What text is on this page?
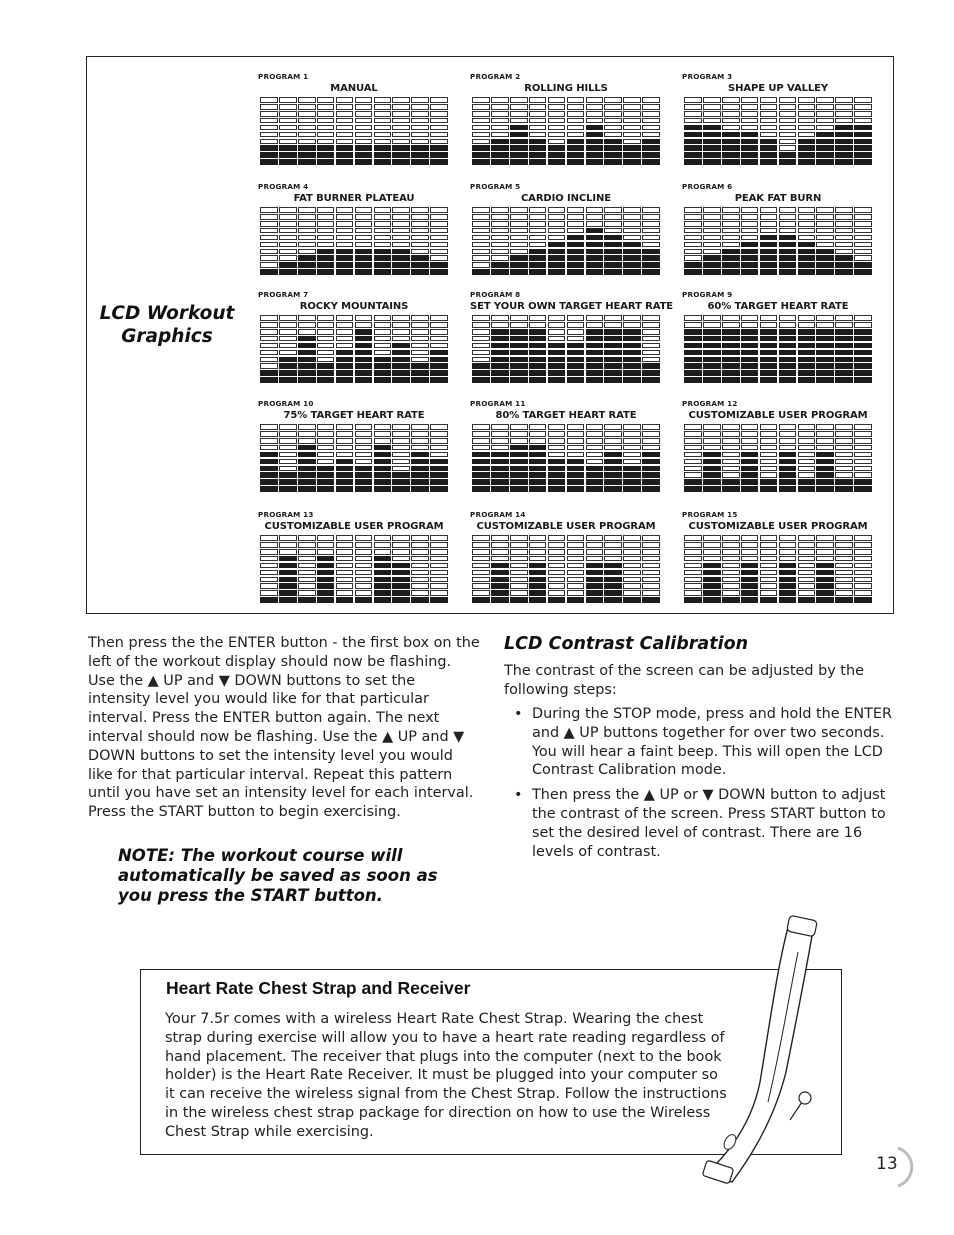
LCD Workout Graphics
PROGRAM 1
MANUAL
PROGRAM 2
ROLLING HILLS
PROGRAM 3
SHAPE UP VALLEY
PROGRAM 4
FAT BURNER PLATEAU
PROGRAM 5
CARDIO INCLINE
PROGRAM 6
PEAK FAT BURN
PROGRAM 7
ROCKY MOUNTAINS
PROGRAM 8
SET YOUR OWN TARGET HEART RATE
PROGRAM 9
60% TARGET HEART RATE
PROGRAM 10
75% TARGET HEART RATE
PROGRAM 11
80% TARGET HEART RATE
PROGRAM 12
CUSTOMIZABLE USER PROGRAM
PROGRAM 13
CUSTOMIZABLE USER PROGRAM
PROGRAM 14
CUSTOMIZABLE USER PROGRAM
PROGRAM 15
CUSTOMIZABLE USER PROGRAM
Then press the the ENTER button - the first box on the left of the workout display should now be flashing. Use the ▲ UP and ▼ DOWN buttons to set the intensity level you would like for that particular interval. Press the ENTER button again. The next interval should now be flashing. Use the ▲ UP and ▼ DOWN buttons to set the intensity level you would like for that particular interval. Repeat this pattern until you have set an intensity level for each interval. Press the START button to begin exercising.
NOTE: The workout course will automatically be saved as soon as you press the START button.
LCD Contrast Calibration
The contrast of the screen can be adjusted by the following steps:
• During the STOP mode, press and hold the ENTER and ▲ UP buttons together for over two seconds. You will hear a faint beep. This will open the LCD Contrast Calibration mode.
• Then press the ▲ UP or ▼ DOWN button to adjust the contrast of the screen. Press START button to set the desired level of contrast. There are 16 levels of contrast.
Heart Rate Chest Strap and Receiver
Your 7.5r comes with a wireless Heart Rate Chest Strap. Wearing the chest strap during exercise will allow you to have a heart rate reading regardless of hand placement. The receiver that plugs into the computer (next to the book holder) is the Heart Rate Receiver. It must be plugged into your computer so it can receive the wireless signal from the Chest Strap. Follow the instructions in the wireless chest strap package for direction on how to use the Wireless Chest Strap while exercising.
13
